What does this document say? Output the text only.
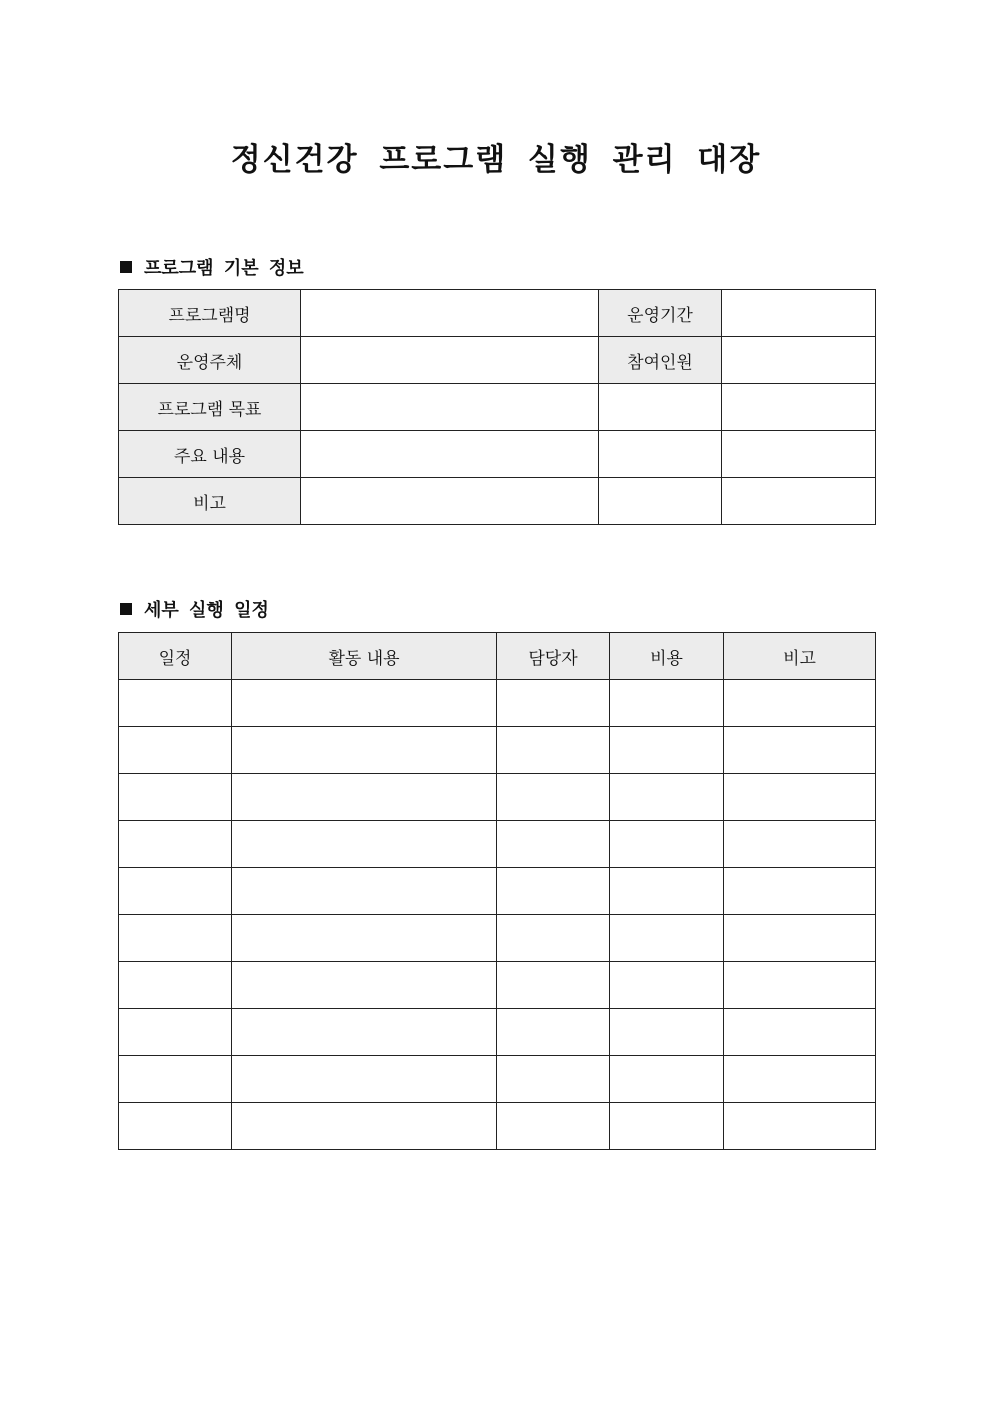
정신건강 프로그램 실행 관리 대장
프로그램 기본 정보
프로그램명		운영기간	
운영주체		참여인원	
프로그램 목표			
주요 내용			
비고			
세부 실행 일정
일정	활동 내용	담당자	비용	비고
